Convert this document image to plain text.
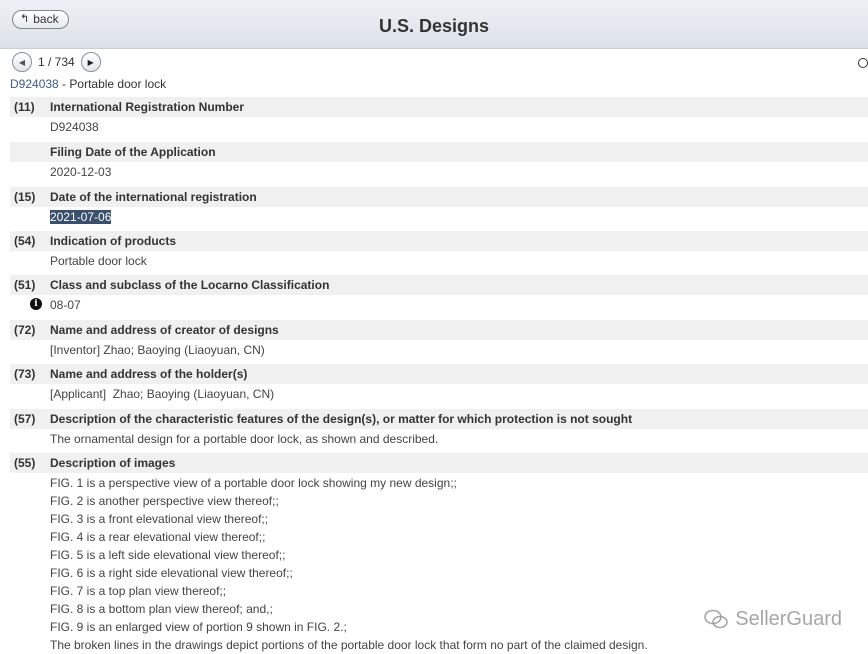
↰ back	U.S. Designs
◀ 1 / 734 ▶
D924038 - Portable door lock
(11)	International Registration Number
D924038
Filing Date of the Application
2020-12-03
(15)	Date of the international registration
2021-07-06
(54)	Indication of products
Portable door lock
(51)	Class and subclass of the Locarno Classification
i	08-07
(72)	Name and address of creator of designs
[Inventor] Zhao; Baoying (Liaoyuan, CN)
(73)	Name and address of the holder(s)
[Applicant]  Zhao; Baoying (Liaoyuan, CN)
(57)	Description of the characteristic features of the design(s), or matter for which protection is not sought
The ornamental design for a portable door lock, as shown and described.
(55)	Description of images
FIG. 1 is a perspective view of a portable door lock showing my new design;;
FIG. 2 is another perspective view thereof;;
FIG. 3 is a front elevational view thereof;;
FIG. 4 is a rear elevational view thereof;;
FIG. 5 is a left side elevational view thereof;;
FIG. 6 is a right side elevational view thereof;;
FIG. 7 is a top plan view thereof;;
FIG. 8 is a bottom plan view thereof; and,;
FIG. 9 is an enlarged view of portion 9 shown in FIG. 2.;
The broken lines in the drawings depict portions of the portable door lock that form no part of the claimed design.
SellerGuard
